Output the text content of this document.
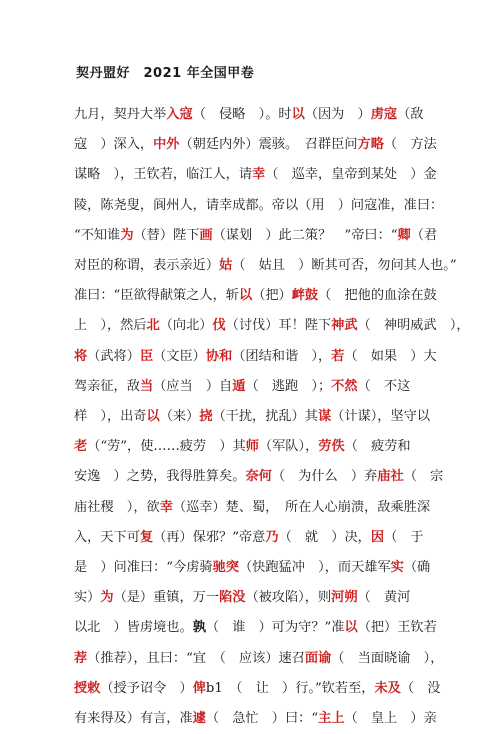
契丹盟好　2021 年全国甲卷
九月，契丹大举入寇（　侵略　）。时以（因为　）虏寇（敌
寇　）深入，中外（朝廷内外）震骇。　召群臣问方略（　方法
谋略　），王钦若，临江人，请幸（　巡幸，皇帝到某处　）金
陵，陈尧叟，阆州人，请幸成都。帝以（用　）问寇准，准曰：
“不知谁为（替）陛下画（谋划　）此二策？　”帝曰：“卿（君
对臣的称谓，表示亲近）姑（　姑且　）断其可否，勿问其人也。”
准曰：“臣欲得献策之人，斩以（把）衅鼓（　把他的血涂在鼓
上　），然后北（向北）伐（讨伐）耳！陛下神武（　神明威武　），
将（武将）臣（文臣）协和（团结和谐　），若（　如果　）大
驾亲征，敌当（应当　）自遁（　逃跑　）；不然（　不这
样　），出奇以（来）挠（干扰，扰乱）其谋（计谋），坚守以
老（“劳”，使……疲劳　）其师（军队），劳佚（　疲劳和
安逸　）之势，我得胜算矣。奈何（　为什么　）弃庙社（　宗
庙社稷　），欲幸（巡幸）楚、蜀，　所在人心崩溃，敌乘胜深
入，天下可复（再）保邪？”帝意乃（　就　）决，因（　于
是　）问准曰：“今虏骑驰突（快跑猛冲　），而天雄军实（确
实）为（是）重镇，万一陷没（被攻陷），则河朔（　黄河
以北　）皆虏境也。孰（　谁　）可为守？”准以（把）王钦若
荐（推荐），且曰：“宜　（　应该）速召面谕（　当面晓谕　），
授敕（授予诏令　）俾b1　（　让　）行。”钦若至，未及（　没
有来得及）有言，准遽（　急忙　）曰：“主上（　皇上　）亲
